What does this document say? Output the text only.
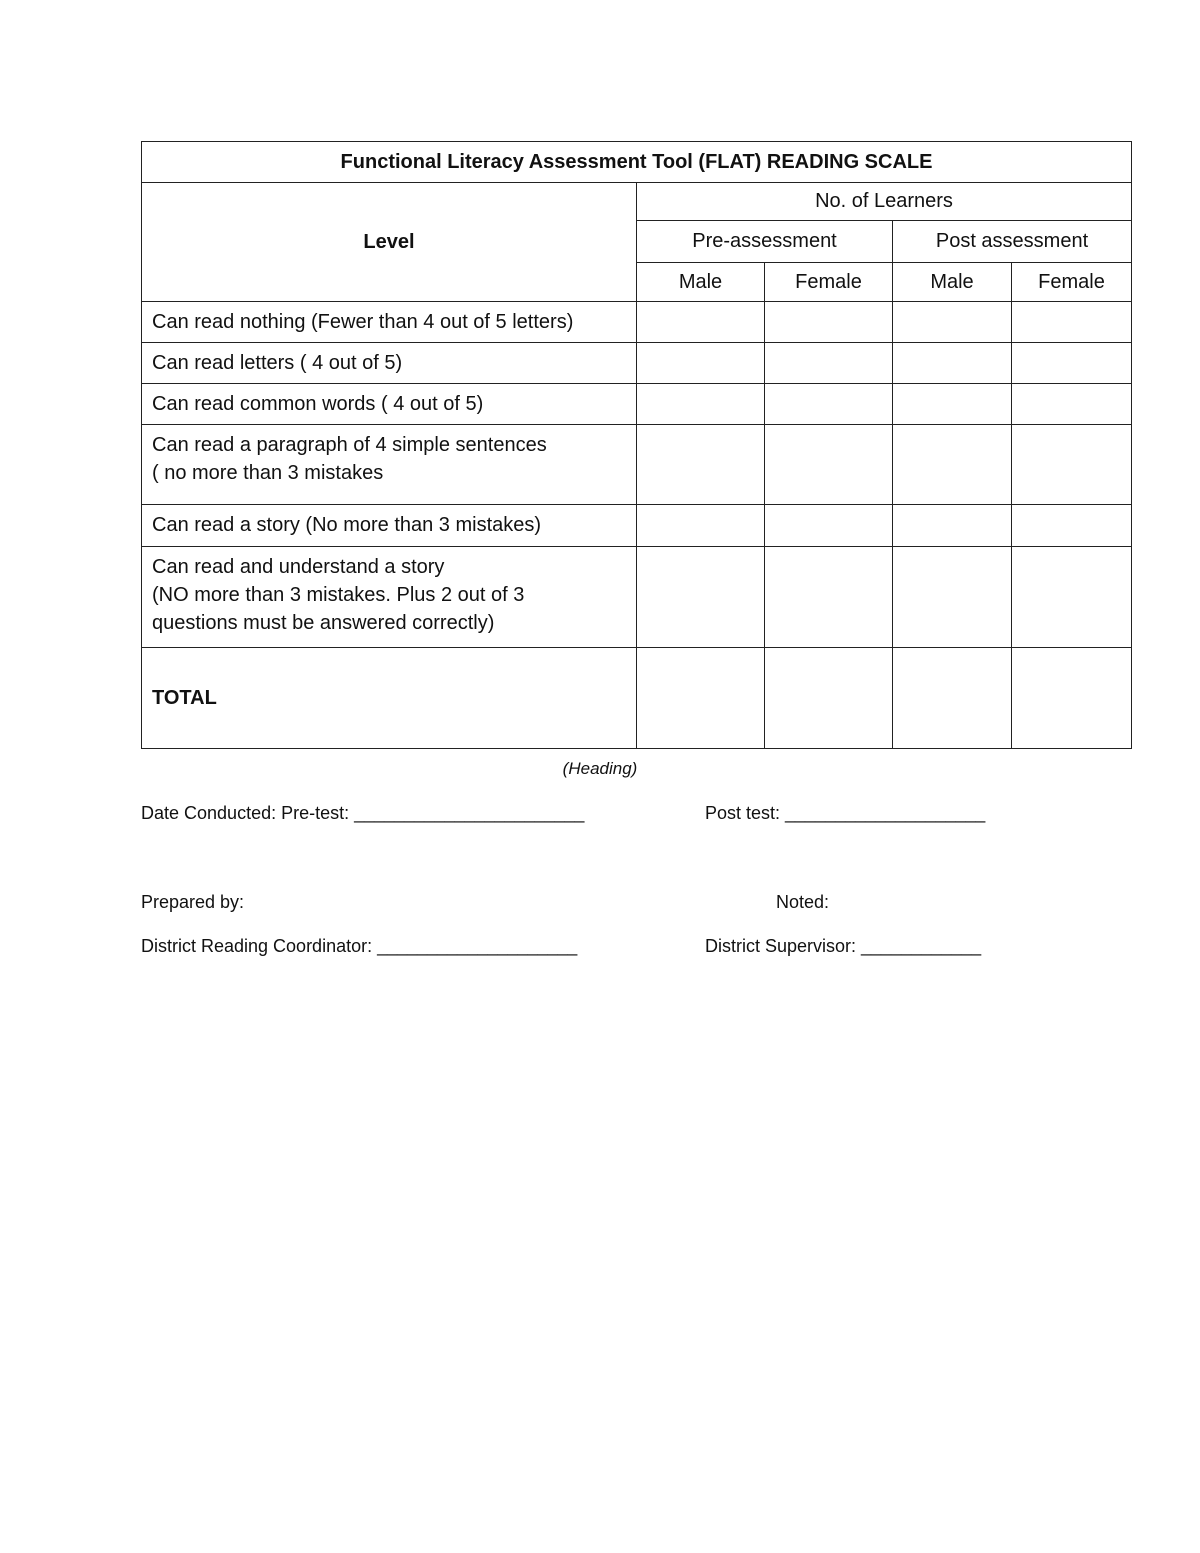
Functional Literacy Assessment Tool (FLAT) READING SCALE				
Level	No. of Learners			
	Pre-assessment		Post assessment	
	Male	Female	Male	Female

Can read nothing (Fewer than 4 out of 5 letters)				

Can read letters ( 4 out of 5)				

Can read common words ( 4 out of 5)				

Can read a paragraph of 4 simple sentences
( no more than 3 mistakes				

Can read a story (No more than 3 mistakes)				

Can read and understand a story
(NO more than 3 mistakes. Plus 2 out of 3
questions must be answered correctly)				

TOTAL				
(Heading)
Date Conducted: Pre-test: _______________________	Post test: ____________________
Prepared by:	Noted:
District Reading Coordinator: ____________________	District Supervisor: ____________
